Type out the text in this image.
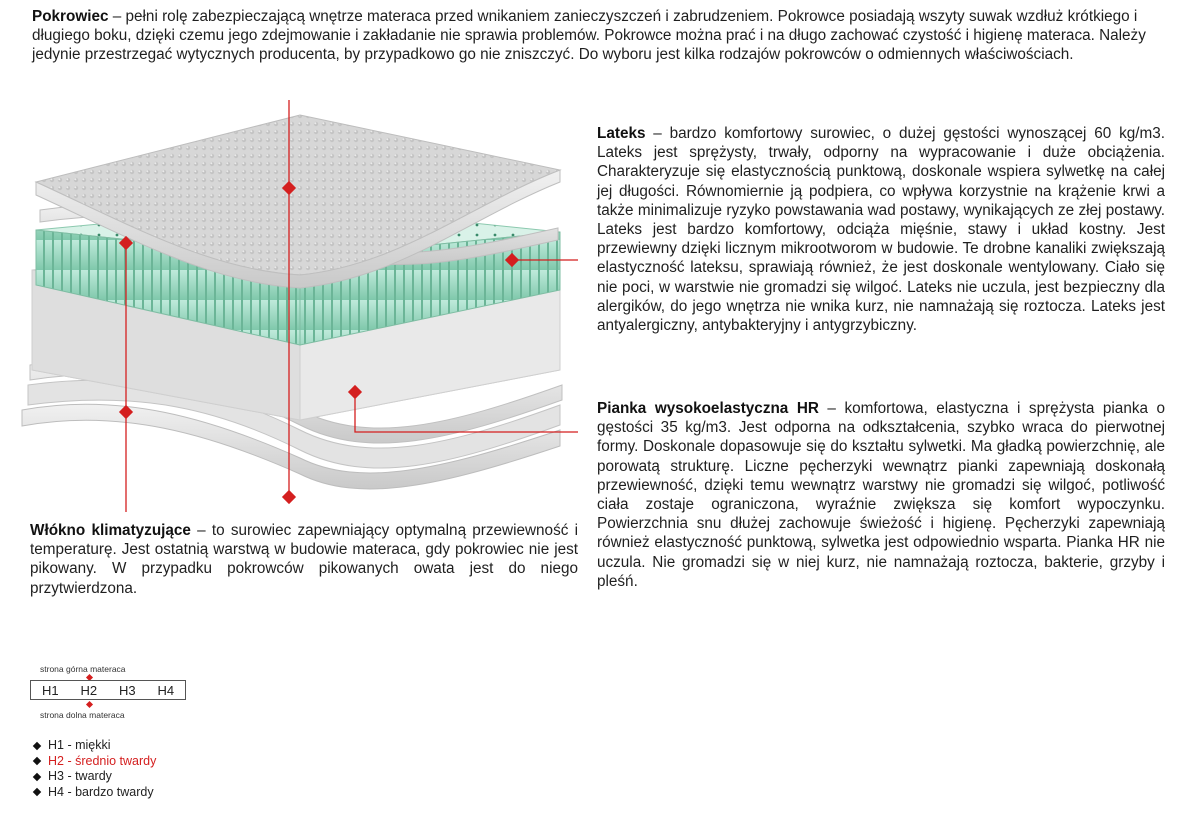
Pokrowiec – pełni rolę zabezpieczającą wnętrze materaca przed wnikaniem zanieczyszczeń i zabrudzeniem. Pokrowce posiadają wszyty suwak wzdłuż krótkiego i długiego boku, dzięki czemu jego zdejmowanie i zakładanie nie sprawia problemów. Pokrowce można prać i na długo zachować czystość i higienę materaca. Należy jedynie przestrzegać wytycznych producenta, by przypadkowo go nie zniszczyć. Do wyboru jest kilka rodzajów pokrowców o odmiennych właściwościach.
Lateks – bardzo komfortowy surowiec, o dużej gęstości wynoszącej 60 kg/m3. Lateks jest sprężysty, trwały, odporny na wypracowanie i duże obciążenia. Charakteryzuje się elastycznością punktową, doskonale wspiera sylwetkę na całej jej długości. Równomiernie ją podpiera, co wpływa korzystnie na krążenie krwi a także minimalizuje ryzyko powstawania wad postawy, wynikających ze złej postawy. Lateks jest bardzo komfortowy, odciąża mięśnie, stawy i układ kostny. Jest przewiewny dzięki licznym mikrootworom w budowie. Te drobne kanaliki zwiększają elastyczność lateksu, sprawiają również, że jest doskonale wentylowany. Ciało się nie poci, w warstwie nie gromadzi się wilgoć. Lateks nie uczula, jest bezpieczny dla alergików, do jego wnętrza nie wnika kurz, nie namnażają się roztocza. Lateks jest antyalergiczny, antybakteryjny i antygrzybiczny.
Pianka wysokoelastyczna HR – komfortowa, elastyczna i sprężysta pianka o gęstości 35 kg/m3. Jest odporna na odkształcenia, szybko wraca do pierwotnej formy. Doskonale dopasowuje się do kształtu sylwetki. Ma gładką powierzchnię, ale porowatą strukturę. Liczne pęcherzyki wewnątrz pianki zapewniają doskonałą przewiewność, dzięki temu wewnątrz warstwy nie gromadzi się wilgoć, potliwość ciała zostaje ograniczona, wyraźnie zwiększa się komfort wypoczynku. Powierzchnia snu dłużej zachowuje świeżość i higienę. Pęcherzyki zapewniają również elastyczność punktową, sylwetka jest odpowiednio wsparta. Pianka HR nie uczula. Nie gromadzi się w niej kurz, nie namnażają roztocza, bakterie, grzyby i pleśń.
Włókno klimatyzujące – to surowiec zapewniający optymalną przewiewność i temperaturę. Jest ostatnią warstwą w budowie materaca, gdy pokrowiec nie jest pikowany. W przypadku pokrowców pikowanych owata jest do niego przytwierdzona.
strona górna materaca
H1 H2 H3 H4
strona dolna materaca
H1 - miękki
H2 - średnio twardy
H3 - twardy
H4 - bardzo twardy
